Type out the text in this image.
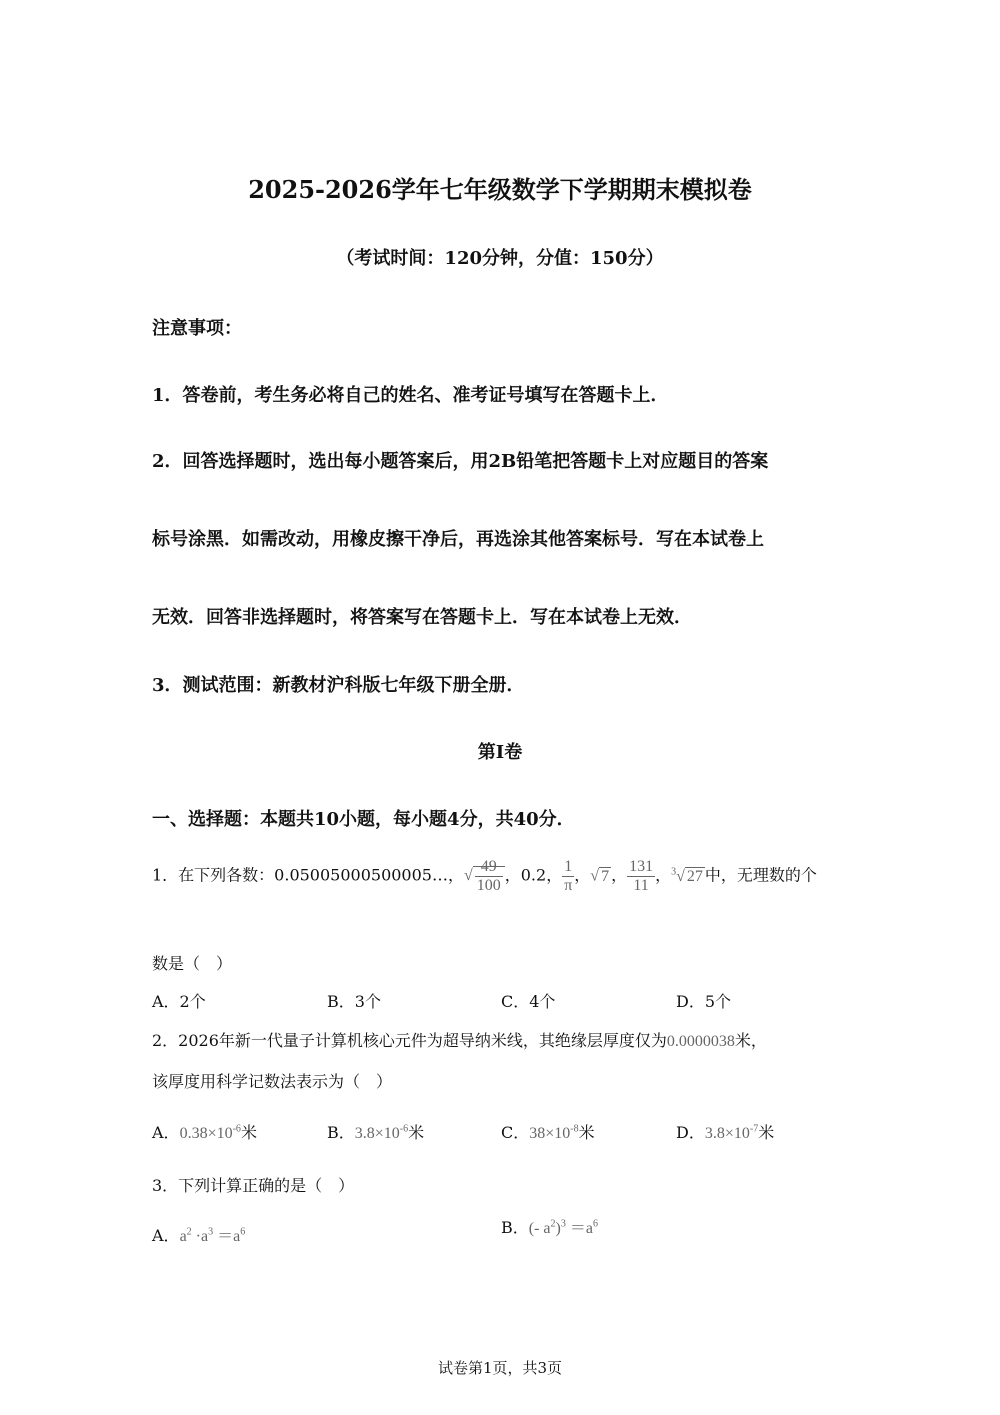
2025-2026学年七年级数学下学期期末模拟卷
（考试时间：120分钟，分值：150分）
注意事项：
1．答卷前，考生务必将自己的姓名、准考证号填写在答题卡上．
2．回答选择题时，选出每小题答案后，用2B铅笔把答题卡上对应题目的答案
标号涂黑．如需改动，用橡皮擦干净后，再选涂其他答案标号．写在本试卷上
无效．回答非选择题时，将答案写在答题卡上．写在本试卷上无效．
3．测试范围：新教材沪科版七年级下册全册．
第Ⅰ卷
一、选择题：本题共10小题，每小题4分，共40分．
1．在下列各数：0.05005000500005…，√ $\frac{49}{100}$ ，0.2， $\frac{1}{\pi}$ ，√ 7 ， $\frac{131}{11}$ ，$^3$√ 27 中，无理数的个
数是（　）
A．2个	B．3个	C．4个	D．5个
2．2026年新一代量子计算机核心元件为超导纳米线，其绝缘层厚度仅为0.0000038米，
该厚度用科学记数法表示为（　）
A．$0.38\times 10^{-6}$米	B．$3.8\times 10^{-6}$米	C．$38\times 10^{-8}$米	D．$3.8\times 10^{-7}$米
3．下列计算正确的是（　）
A．$a^2 \cdot a^3 =a^6$	B．(- $a^2)^3 =a^6$
试卷第1页，共3页
